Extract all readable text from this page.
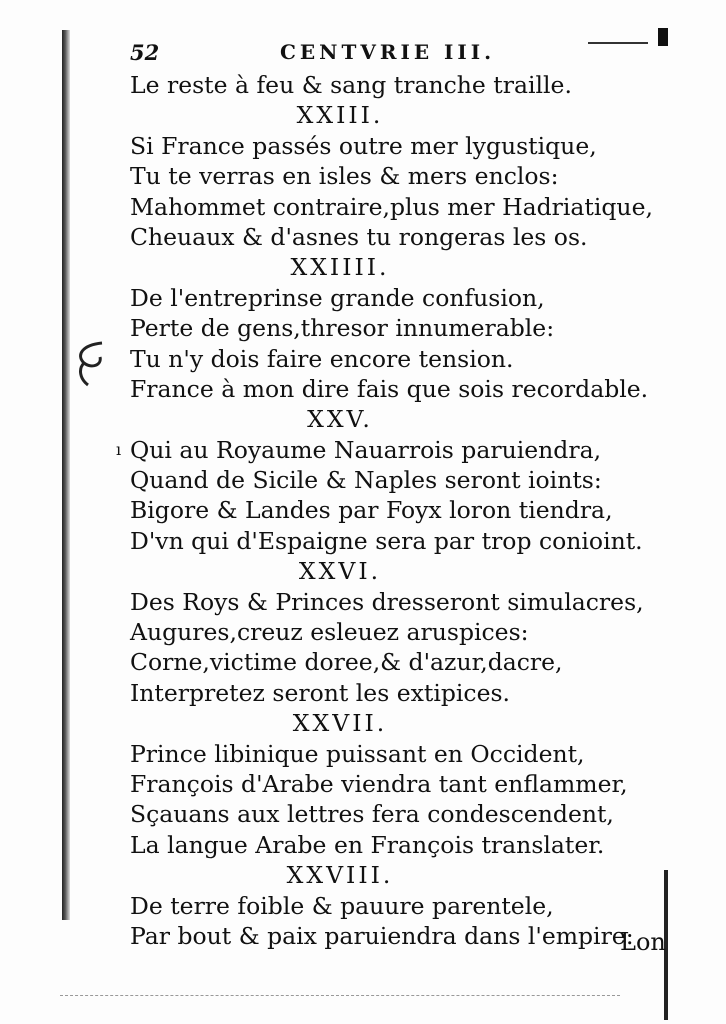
52	CENTVRIE III.
ı
Le reste à feu & sang tranche traille.
XXIII.
Si France passés outre mer lygustique,
Tu te verras en isles & mers enclos:
Mahommet contraire,plus mer Hadriatique,
Cheuaux & d'asnes tu rongeras les os.
XXIIII.
De l'entreprinse grande confusion,
Perte de gens,thresor innumerable:
Tu n'y dois faire encore tension.
France à mon dire fais que sois recordable.
XXV.
Qui au Royaume Nauarrois paruiendra,
Quand de Sicile & Naples seront ioints:
Bigore & Landes par Foyx loron tiendra,
D'vn qui d'Espaigne sera par trop conioint.
XXVI.
Des Roys & Princes dresseront simulacres,
Augures,creuz esleuez aruspices:
Corne,victime doree,& d'azur,dacre,
Interpretez seront les extipices.
XXVII.
Prince libinique puissant en Occident,
François d'Arabe viendra tant enflammer,
Sçauans aux lettres fera condescendent,
La langue Arabe en François translater.
XXVIII.
De terre foible & pauure parentele,
Par bout & paix paruiendra dans l'empire:
Lon
